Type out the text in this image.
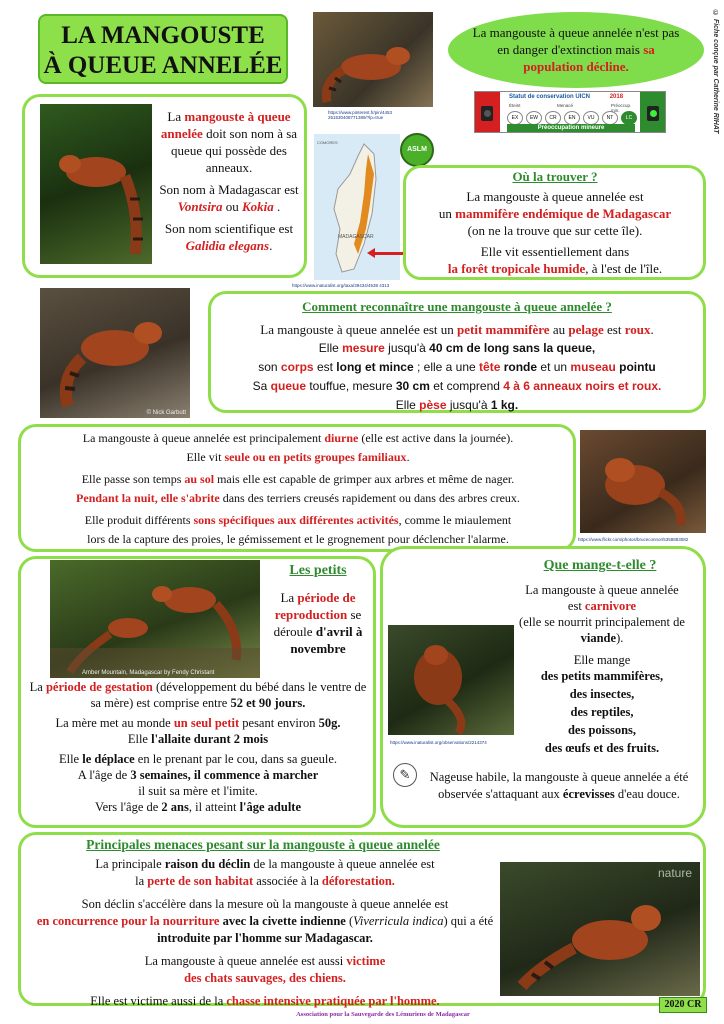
LA MANGOUSTE
À QUEUE ANNELÉE
https://www.pinterest.fr/pin/4453 251530408771389/?lp=true
La mangouste à queue annelée n'est pas en danger d'extinction mais sa population décline.
Statut de conservation UICN	2018
Éteint	Menacé	Préoccup. min.
EX	EW	CR	EN	VU	NT	LC
Préoccupation mineure	© Fiche conçue par Catherine RIHAT

La mangouste à queue annelée doit son nom à sa queue qui possède des anneaux.

Son nom à Madagascar est Vontsira ou Kokia .

Son nom scientifique est Galidia elegans.

COMORES
MADAGASCAR
https://www.inaturalist.org/taxa/39434/4538 4313
ASLM
Où la trouver ?
La mangouste à queue annelée est
un mammifère endémique de Madagascar
(on ne la trouve que sur cette île).
Elle vit essentiellement dans
la forêt tropicale humide, à l'est de l'île.
© Nick Garbutt
Comment reconnaître une mangouste à queue annelée ?
La mangouste à queue annelée est un petit mammifère au pelage est roux.
Elle mesure jusqu'à 40 cm de long sans la queue,
son corps est long et mince ; elle a une tête ronde et un museau pointu
Sa queue touffue, mesure 30 cm et comprend 4 à 6 anneaux noirs et roux.
Elle pèse jusqu'à 1 kg.
La mangouste à queue annelée est principalement diurne (elle est active dans la journée).
Elle vit seule ou en petits groupes familiaux.
Elle passe son temps au sol mais elle est capable de grimper aux arbres et même de nager.
Pendant la nuit, elle s'abrite dans des terriers creusés rapidement ou dans des arbres creux.
Elle produit différents sons spécifiques aux différentes activités, comme le miaulement
lors de la capture des proies, le gémissement et le grognement pour déclencher l'alarme.	https://www.flickr.com/photos/bruceconnor/5358883082
Amber Mountain, Madagascar by Fendy Christant
Les petits

La période de reproduction se déroule d'avril à novembre

La période de gestation (développement du bébé dans le ventre de sa mère) est comprise entre 52 et 90 jours.

La mère met au monde un seul petit pesant environ 50g.

Elle l'allaite durant 2 mois

Elle le déplace en le prenant par le cou, dans sa gueule.

A l'âge de 3 semaines, il commence à marcher

il suit sa mère et l'imite.

Vers l'âge de 2 ans, il atteint l'âge adulte

Que mange-t-elle ?
La mangouste à queue annelée
est carnivore
(elle se nourrit principalement de viande).
Elle mange
des petits mammifères,
des insectes,
des reptiles,
des poissons,
des œufs et des fruits.
https://www.inaturalist.org/observations/2214374
✎	Nageuse habile, la mangouste à queue annelée a été observée s'attaquant aux écrevisses d'eau douce.
Principales menaces pesant sur la mangouste à queue annelée
La principale raison du déclin de la mangouste à queue annelée est
la perte de son habitat associée à la déforestation.
Son déclin s'accélère dans la mesure où la mangouste à queue annelée est
en concurrence pour la nourriture avec la civette indienne (Viverricula indica) qui a été introduite par l'homme sur Madagascar.
La mangouste à queue annelée est aussi victime
des chats sauvages, des chiens.
Elle est victime aussi de la chasse intensive pratiquée par l'homme.
nature
Association pour la Sauvegarde des Lémuriens de Madagascar
2020 CR
